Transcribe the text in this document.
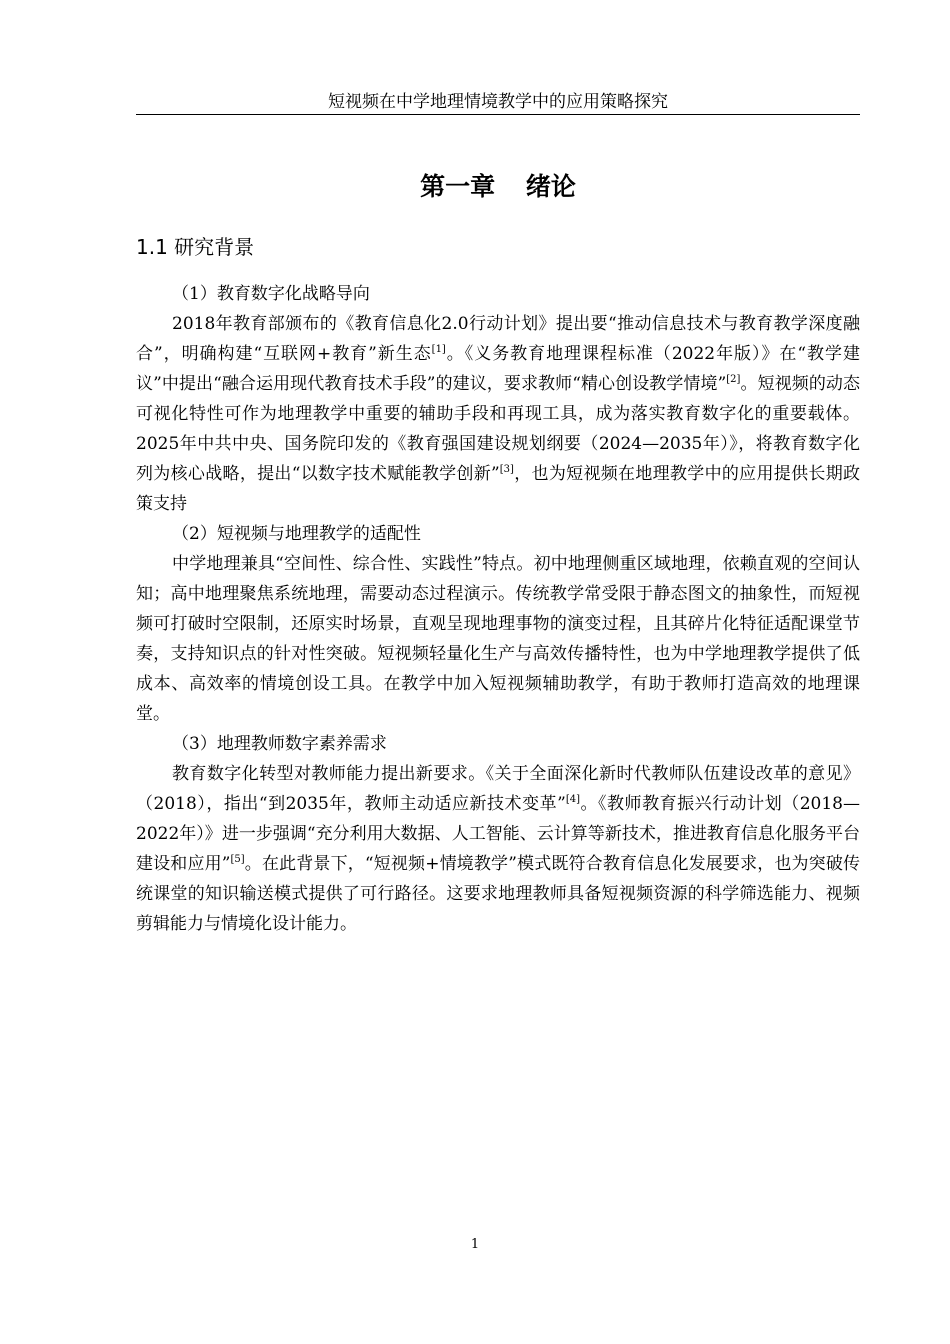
短视频在中学地理情境教学中的应用策略探究
第一章 绪论
1.1 研究背景

（1）教育数字化战略导向

2018年教育部颁布的《教育信息化2.0行动计划》提出要“推动信息技术与教育教学深度融合”，明确构建“互联网+教育”新生态[1]。《义务教育地理课程标准（2022年版）》在“教学建议”中提出“融合运用现代教育技术手段”的建议，要求教师“精心创设教学情境”[2]。短视频的动态可视化特性可作为地理教学中重要的辅助手段和再现工具，成为落实教育数字化的重要载体。2025年中共中央、国务院印发的《教育强国建设规划纲要（2024—2035年）》，将教育数字化列为核心战略，提出“以数字技术赋能教学创新”[3]，也为短视频在地理教学中的应用提供长期政策支持

（2）短视频与地理教学的适配性

中学地理兼具“空间性、综合性、实践性”特点。初中地理侧重区域地理，依赖直观的空间认知；高中地理聚焦系统地理，需要动态过程演示。传统教学常受限于静态图文的抽象性，而短视频可打破时空限制，还原实时场景，直观呈现地理事物的演变过程，且其碎片化特征适配课堂节奏，支持知识点的针对性突破。短视频轻量化生产与高效传播特性，也为中学地理教学提供了低成本、高效率的情境创设工具。在教学中加入短视频辅助教学，有助于教师打造高效的地理课堂。

（3）地理教师数字素养需求

教育数字化转型对教师能力提出新要求。《关于全面深化新时代教师队伍建设改革的意见》（2018），指出“到2035年，教师主动适应新技术变革”[4]。《教师教育振兴行动计划（2018—2022年）》进一步强调“充分利用大数据、人工智能、云计算等新技术，推进教育信息化服务平台建设和应用”[5]。在此背景下，“短视频+情境教学”模式既符合教育信息化发展要求，也为突破传统课堂的知识输送模式提供了可行路径。这要求地理教师具备短视频资源的科学筛选能力、视频剪辑能力与情境化设计能力。

1
